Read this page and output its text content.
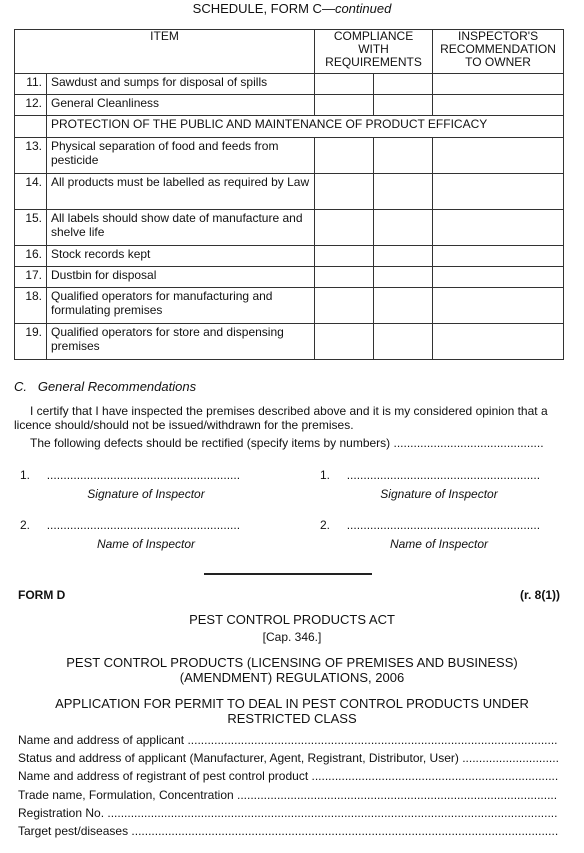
SCHEDULE, FORM C—continued
ITEM		COMPLIANCE WITH REQUIREMENTS		INSPECTOR'S RECOMMENDATION TO OWNER
11.	Sawdust and sumps for disposal of spills			
12.	General Cleanliness			
	PROTECTION OF THE PUBLIC AND MAINTENANCE OF PRODUCT EFFICACY			
13.	Physical separation of food and feeds from pesticide			
14.	All products must be labelled as required by Law			
15.	All labels should show date of manufacture and shelve life			
16.	Stock records kept			
17.	Dustbin for disposal			
18.	Qualified operators for manufacturing and formulating premises			
19.	Qualified operators for store and dispensing premises			
C.   General Recommendations
I certify that I have inspected the premises described above and it is my considered opinion that a licence should/should not be issued/withdrawn for the premises.
The following defects should be rectified (specify items by numbers) .............................................
1. ..........................................................	1. ..........................................................
Signature of Inspector	Signature of Inspector
2. ..........................................................	2. ..........................................................
Name of Inspector	Name of Inspector
FORM D	(r. 8(1))
PEST CONTROL PRODUCTS ACT
[Cap. 346.]
PEST CONTROL PRODUCTS (LICENSING OF PREMISES AND BUSINESS) (AMENDMENT) REGULATIONS, 2006
APPLICATION FOR PERMIT TO DEAL IN PEST CONTROL PRODUCTS UNDER RESTRICTED CLASS
Name and address of applicant .....
Status and address of applicant (Manufacturer, Agent, Registrant, Distributor, User) .....
Name and address of registrant of pest control product .....
Trade name, Formulation, Concentration .....
Registration No. .....
Target pest/diseases .....
